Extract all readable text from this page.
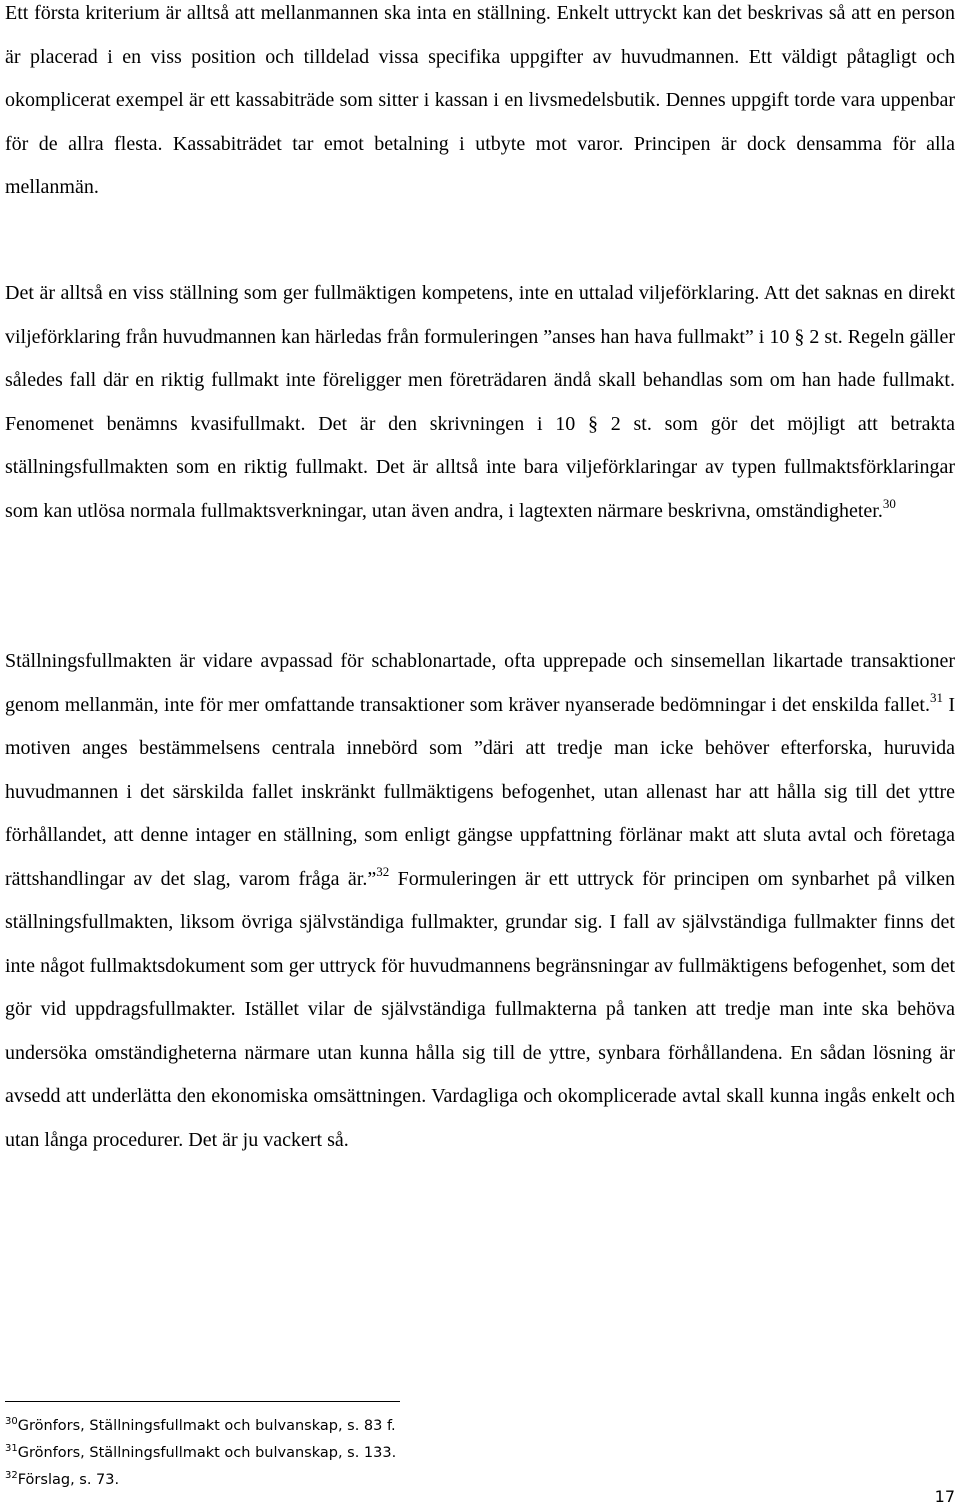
Ett första kriterium är alltså att mellanmannen ska inta en ställning. Enkelt uttryckt kan det beskrivas så att en person är placerad i en viss position och tilldelad vissa specifika uppgifter av huvudmannen. Ett väldigt påtagligt och okomplicerat exempel är ett kassabiträde som sitter i kassan i en livsmedelsbutik. Dennes uppgift torde vara uppenbar för de allra flesta. Kassabiträdet tar emot betalning i utbyte mot varor. Principen är dock densamma för alla mellanmän.

Det är alltså en viss ställning som ger fullmäktigen kompetens, inte en uttalad viljeförklaring. Att det saknas en direkt viljeförklaring från huvudmannen kan härledas från formuleringen ”anses han hava fullmakt” i 10 § 2 st. Regeln gäller således fall där en riktig fullmakt inte föreligger men företrädaren ändå skall behandlas som om han hade fullmakt. Fenomenet benämns kvasifullmakt. Det är den skrivningen i 10 § 2 st. som gör det möjligt att betrakta ställningsfullmakten som en riktig fullmakt. Det är alltså inte bara viljeförklaringar av typen fullmaktsförklaringar som kan utlösa normala fullmaktsverkningar, utan även andra, i lagtexten närmare beskrivna, omständigheter.$^{30}$

Ställningsfullmakten är vidare avpassad för schablonartade, ofta upprepade och sinsemellan likartade transaktioner genom mellanmän, inte för mer omfattande transaktioner som kräver nyanserade bedömningar i det enskilda fallet.$^{31}$ I motiven anges bestämmelsens centrala innebörd som ”däri att tredje man icke behöver efterforska, huruvida huvudmannen i det särskilda fallet inskränkt fullmäktigens befogenhet, utan allenast har att hålla sig till det yttre förhållandet, att denne intager en ställning, som enligt gängse uppfattning förlänar makt att sluta avtal och företaga rättshandlingar av det slag, varom fråga är.”$^{32}$ Formuleringen är ett uttryck för principen om synbarhet på vilken ställningsfullmakten, liksom övriga självständiga fullmakter, grundar sig. I fall av självständiga fullmakter finns det inte något fullmaktsdokument som ger uttryck för huvudmannens begränsningar av fullmäktigens befogenhet, som det gör vid uppdragsfullmakter. Istället vilar de självständiga fullmakterna på tanken att tredje man inte ska behöva undersöka omständigheterna närmare utan kunna hålla sig till de yttre, synbara förhållandena. En sådan lösning är avsedd att underlätta den ekonomiska omsättningen. Vardagliga och okomplicerade avtal skall kunna ingås enkelt och utan långa procedurer. Det är ju vackert så.

$^{30}$Grönfors, Ställningsfullmakt och bulvanskap, s. 83 f.
$^{31}$Grönfors, Ställningsfullmakt och bulvanskap, s. 133.
$^{32}$Förslag, s. 73.
17
